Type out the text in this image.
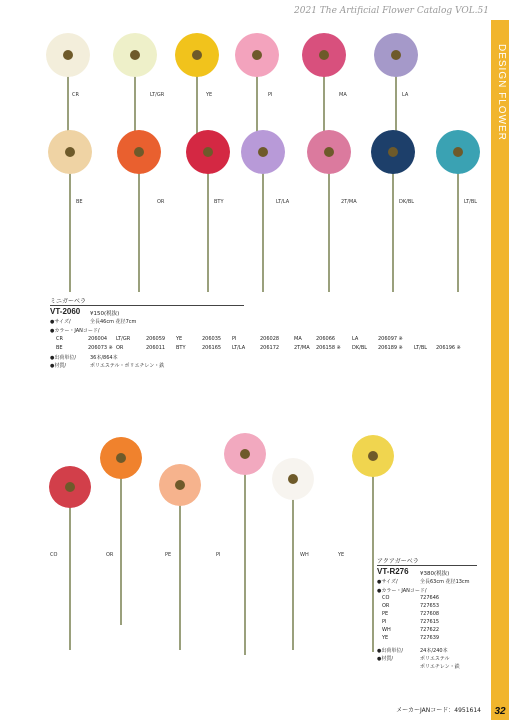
2021 The Artificial Flower Catalog VOL.51
DESIGN FLOWER
32
メーカーJANコード：4951614
CR	LT/GR	YE	PI	MA	LA
BE	OR	BTY	LT/LA	2T/MA	DK/BL	LT/BL
CO	OR	PE	PI	WH	YE
ミニガーベラ
VT-2060 ¥150(税抜)
●サイズ/	全長46cm 花径7cm
●カラー・JANコード/
CR	206004 LT/GR	206059 YE	206035 PI	206028	MA	206066	LA	206097 ※
BE	206073 ※ OR	206011 BTY	206165 LT/LA	206172	2T/MA 206158 ※ DK/BL 206189 ※ LT/BL 206196 ※
●出荷単位/	36本/864本
●材質/	ポリエステル・ポリエチレン・鉄
アクアガーベラ
VT-R276 ¥380(税抜)
●サイズ/	全長63cm 花径13cm
●カラー・JANコード/
CO	727646
OR	727653
PE	727608
PI	727615
WH	727622
YE	727639
●出荷単位/	24本/240本
●材質/	ポリエステル
ポリエチレン・鉄
